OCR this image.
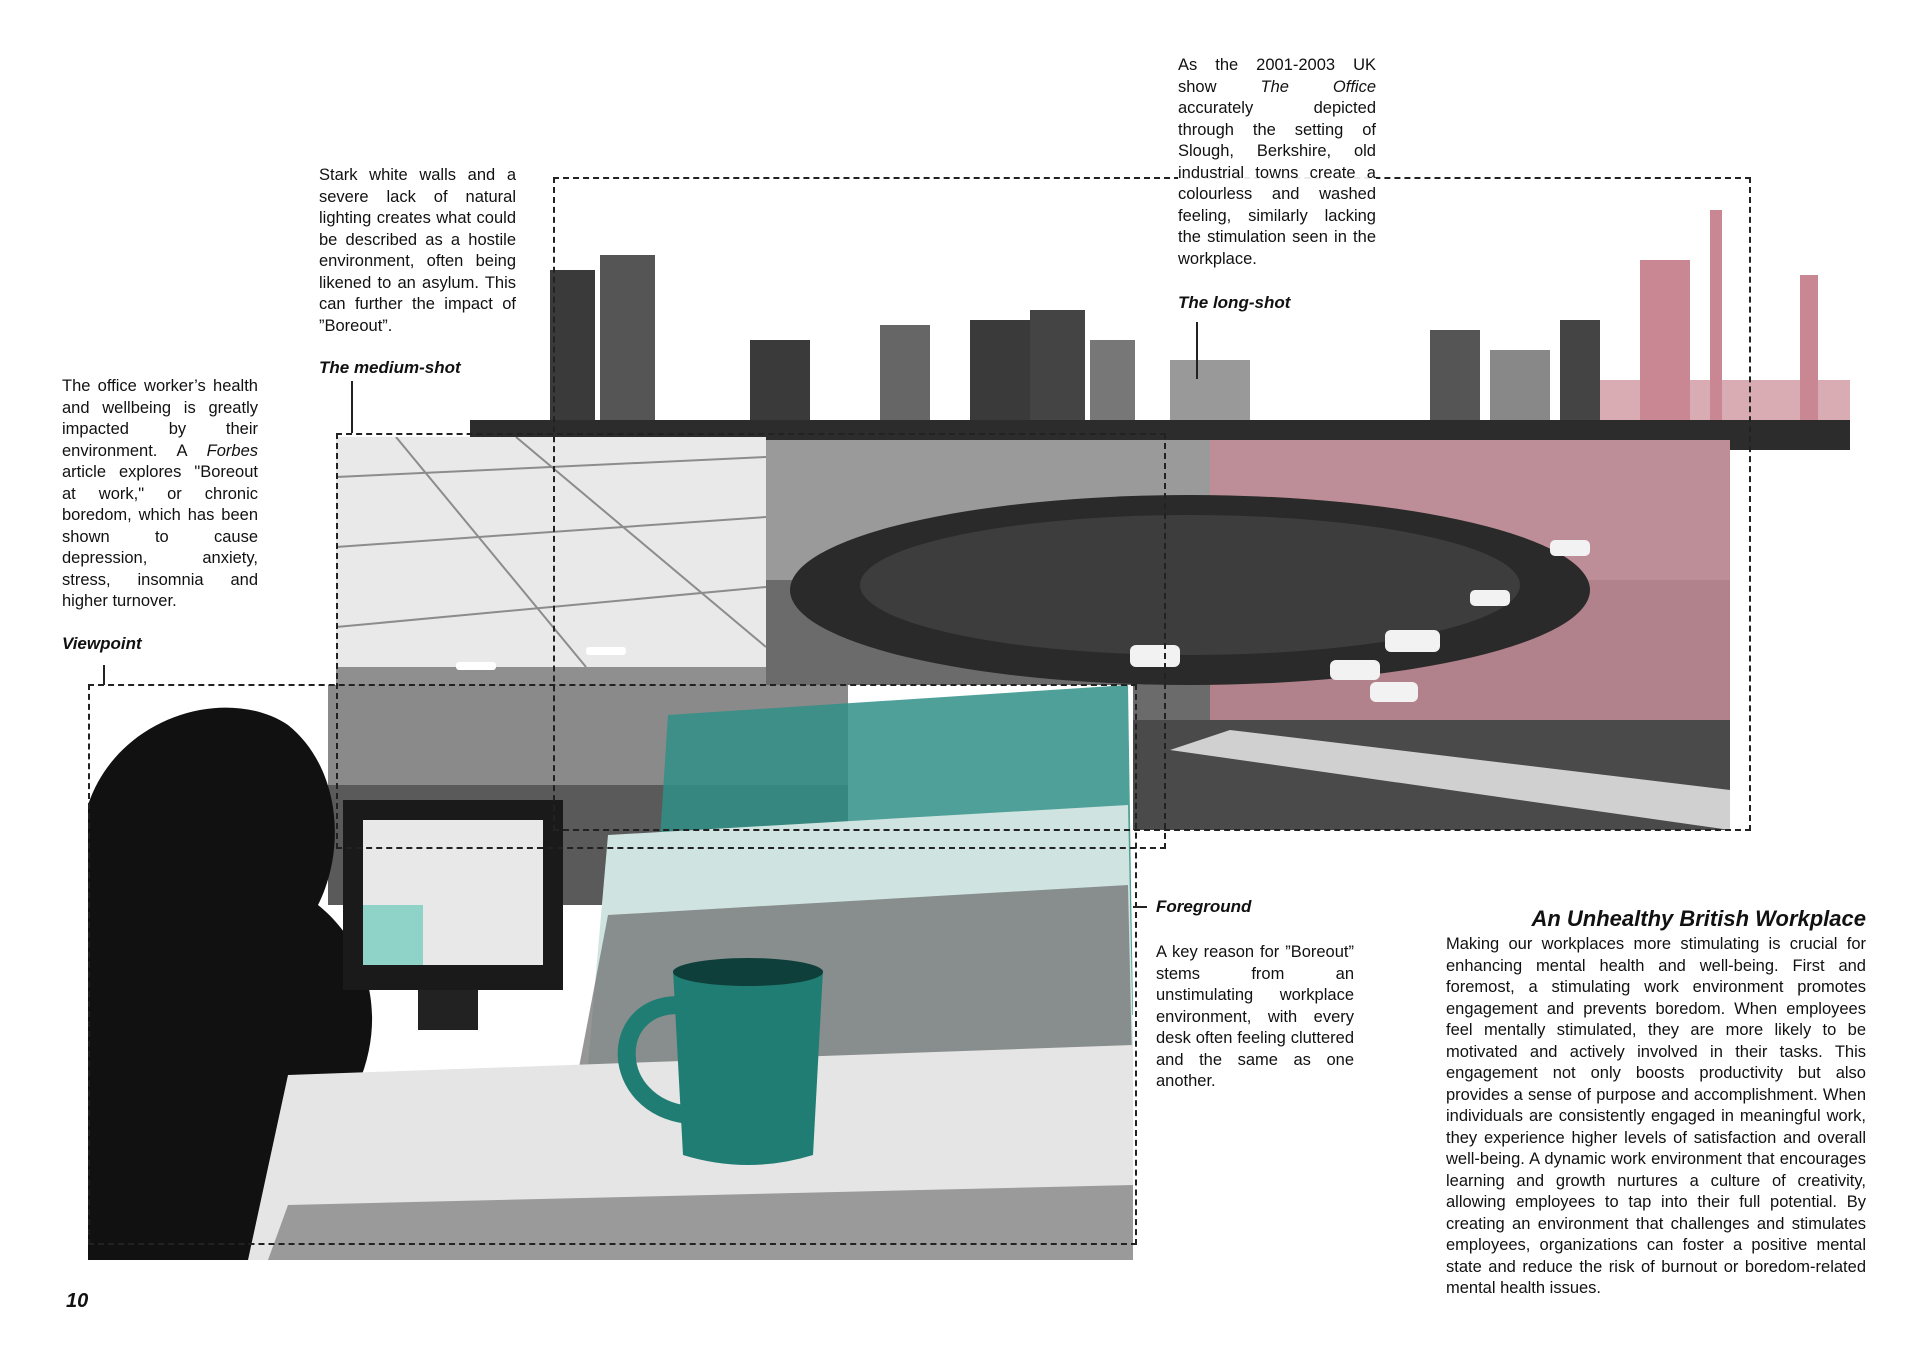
The office worker’s health and wellbeing is greatly impacted by their environment. A Forbes article explores "Boreout at work," or chronic boredom, which has been shown to cause depression, anxiety, stress, insomnia and higher turnover.
Viewpoint
Stark white walls and a severe lack of natural lighting creates what could be described as a hostile environment, often being likened to an asylum. This can further the impact of ”Boreout”.
The medium-shot
As the 2001-2003 UK show The Office accurately depicted through the setting of Slough, Berkshire, old industrial towns create a colourless and washed feeling, similarly lacking the stimulation seen in the workplace.
The long-shot
Foreground
A key reason for ”Boreout” stems from an unstimulating workplace environment, with every desk often feeling cluttered and the same as one another.
An Unhealthy British Workplace
Making our workplaces more stimulating is crucial for enhancing mental health and well-being. First and foremost, a stimulating work environment promotes engagement and prevents boredom. When employees feel mentally stimulated, they are more likely to be motivated and actively involved in their tasks. This engagement not only boosts productivity but also provides a sense of purpose and accomplishment. When individuals are consistently engaged in meaningful work, they experience higher levels of satisfaction and overall well-being. A dynamic work environment that encourages learning and growth nurtures a culture of creativity, allowing employees to tap into their full potential. By creating an environment that challenges and stimulates employees, organizations can foster a positive mental state and reduce the risk of burnout or boredom-related mental health issues.
10
